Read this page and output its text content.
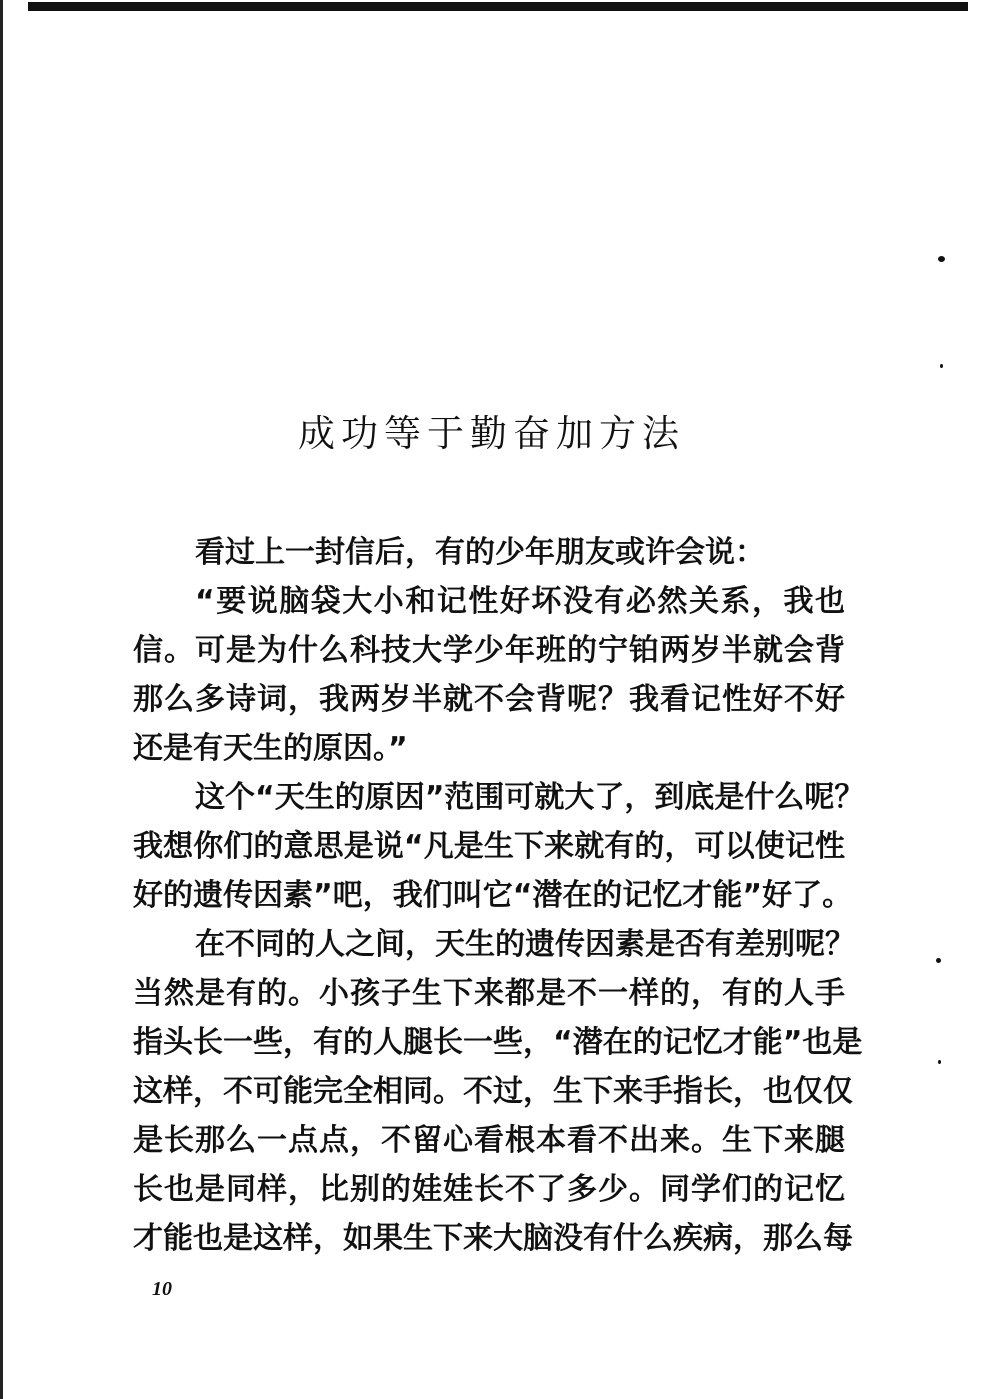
成功等于勤奋加方法
看过上一封信后，有的少年朋友或许会说：
“要说脑袋大小和记性好坏没有必然关系，我也
信。可是为什么科技大学少年班的宁铂两岁半就会背
那么多诗词，我两岁半就不会背呢？我看记性好不好
还是有天生的原因。”
这个“天生的原因”范围可就大了，到底是什么呢？
我想你们的意思是说“凡是生下来就有的，可以使记性
好的遗传因素”吧，我们叫它“潜在的记忆才能”好了。
在不同的人之间，天生的遗传因素是否有差别呢？
当然是有的。小孩子生下来都是不一样的，有的人手
指头长一些，有的人腿长一些，“潜在的记忆才能”也是
这样，不可能完全相同。不过，生下来手指长，也仅仅
是长那么一点点，不留心看根本看不出来。生下来腿
长也是同样，比别的娃娃长不了多少。同学们的记忆
才能也是这样，如果生下来大脑没有什么疾病，那么每
10
